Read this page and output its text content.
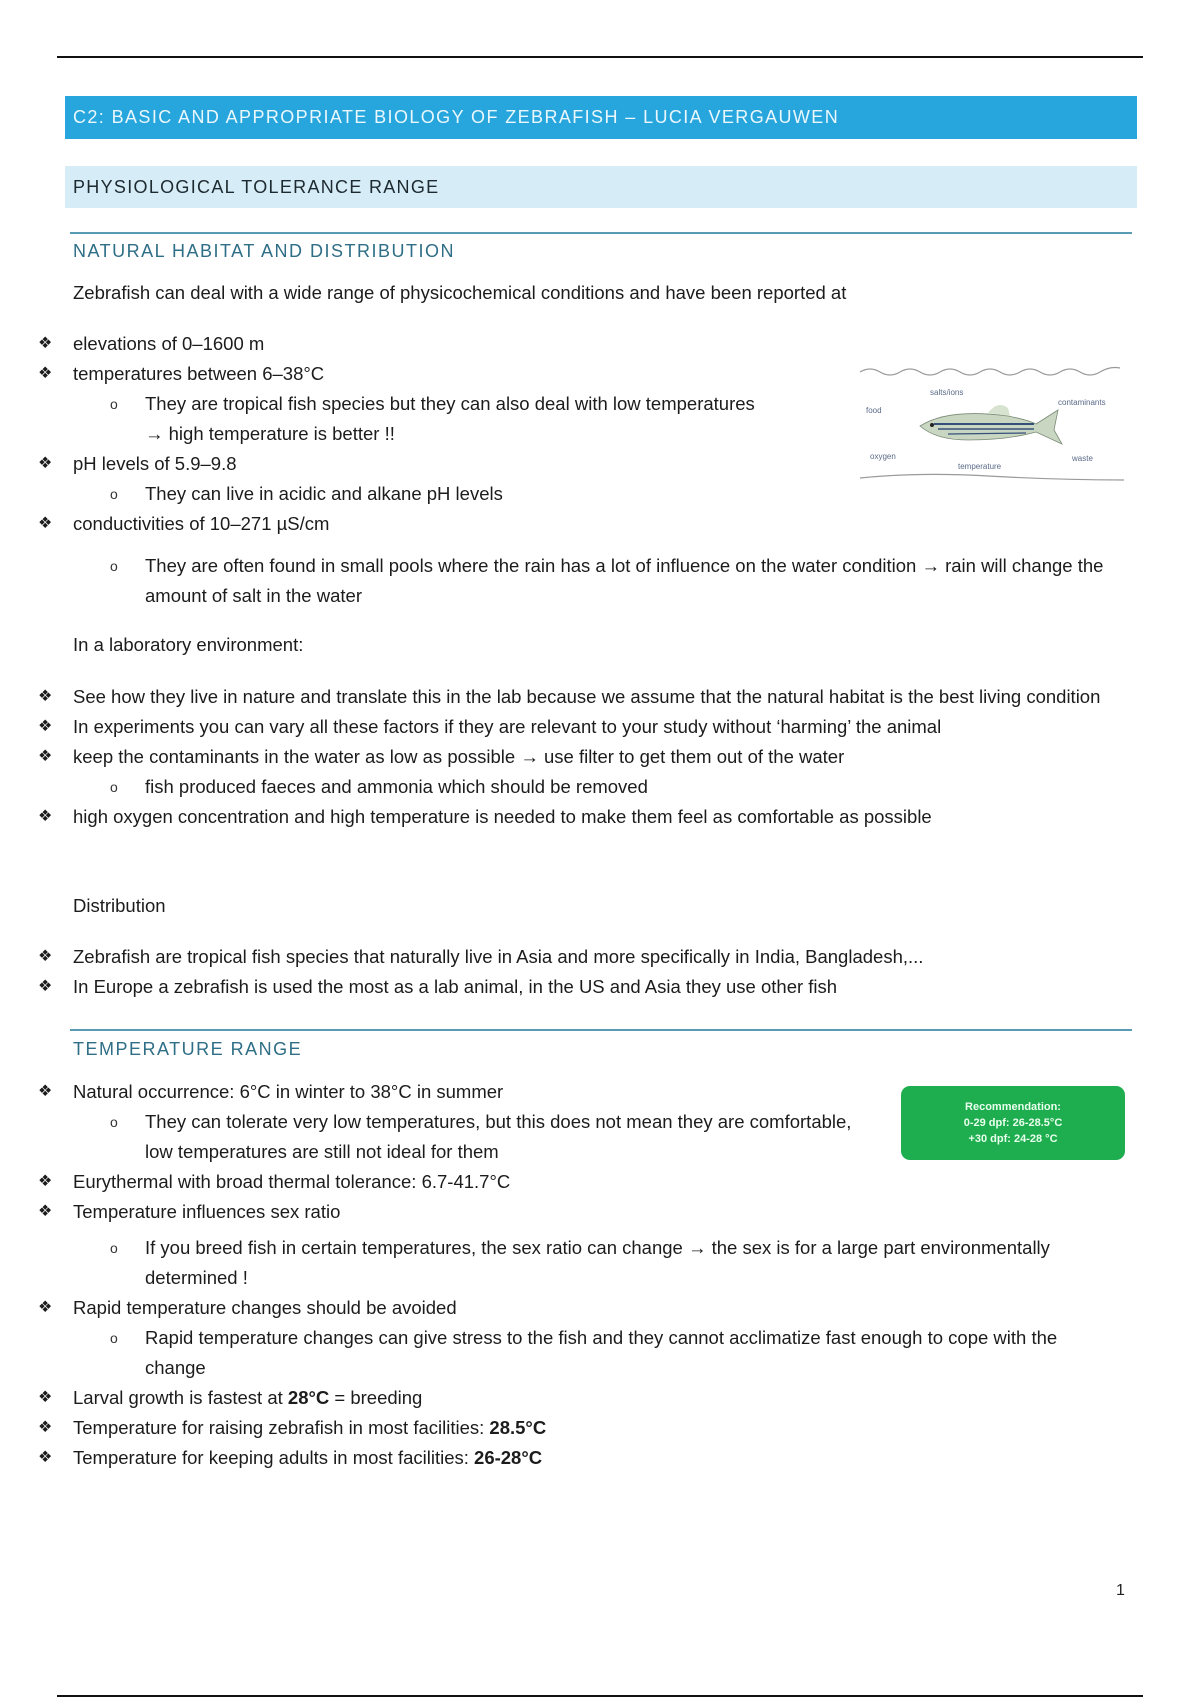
C2: BASIC AND APPROPRIATE BIOLOGY OF ZEBRAFISH – LUCIA VERGAUWEN
PHYSIOLOGICAL TOLERANCE RANGE
NATURAL HABITAT AND DISTRIBUTION
Zebrafish can deal with a wide range of physicochemical conditions and have been reported at
❖ elevations of 0–1600 m
❖ temperatures between 6–38°C
o They are tropical fish species but they can also deal with low temperatures → high temperature is better !!
❖ pH levels of 5.9–9.8
o They can live in acidic and alkane pH levels
❖ conductivities of 10–271 µS/cm
o They are often found in small pools where the rain has a lot of influence on the water condition → rain will change the amount of salt in the water
salts/ions
food
contaminants
oxygen
temperature
waste
In a laboratory environment:
❖ See how they live in nature and translate this in the lab because we assume that the natural habitat is the best living condition
❖ In experiments you can vary all these factors if they are relevant to your study without ‘harming’ the animal
❖ keep the contaminants in the water as low as possible → use filter to get them out of the water
o fish produced faeces and ammonia which should be removed
❖ high oxygen concentration and high temperature is needed to make them feel as comfortable as possible
Distribution
❖ Zebrafish are tropical fish species that naturally live in Asia and more specifically in India, Bangladesh,...
❖ In Europe a zebrafish is used the most as a lab animal, in the US and Asia they use other fish
TEMPERATURE RANGE
❖ Natural occurrence: 6°C in winter to 38°C in summer
o They can tolerate very low temperatures, but this does not mean they are comfortable, low temperatures are still not ideal for them
❖ Eurythermal with broad thermal tolerance: 6.7-41.7°C
❖ Temperature influences sex ratio
o If you breed fish in certain temperatures, the sex ratio can change → the sex is for a large part environmentally determined !
❖ Rapid temperature changes should be avoided
o Rapid temperature changes can give stress to the fish and they cannot acclimatize fast enough to cope with the change
❖ Larval growth is fastest at 28°C = breeding
❖ Temperature for raising zebrafish in most facilities: 28.5°C
❖ Temperature for keeping adults in most facilities: 26-28°C
Recommendation:
0-29 dpf: 26-28.5°C
+30 dpf: 24-28 °C
1
